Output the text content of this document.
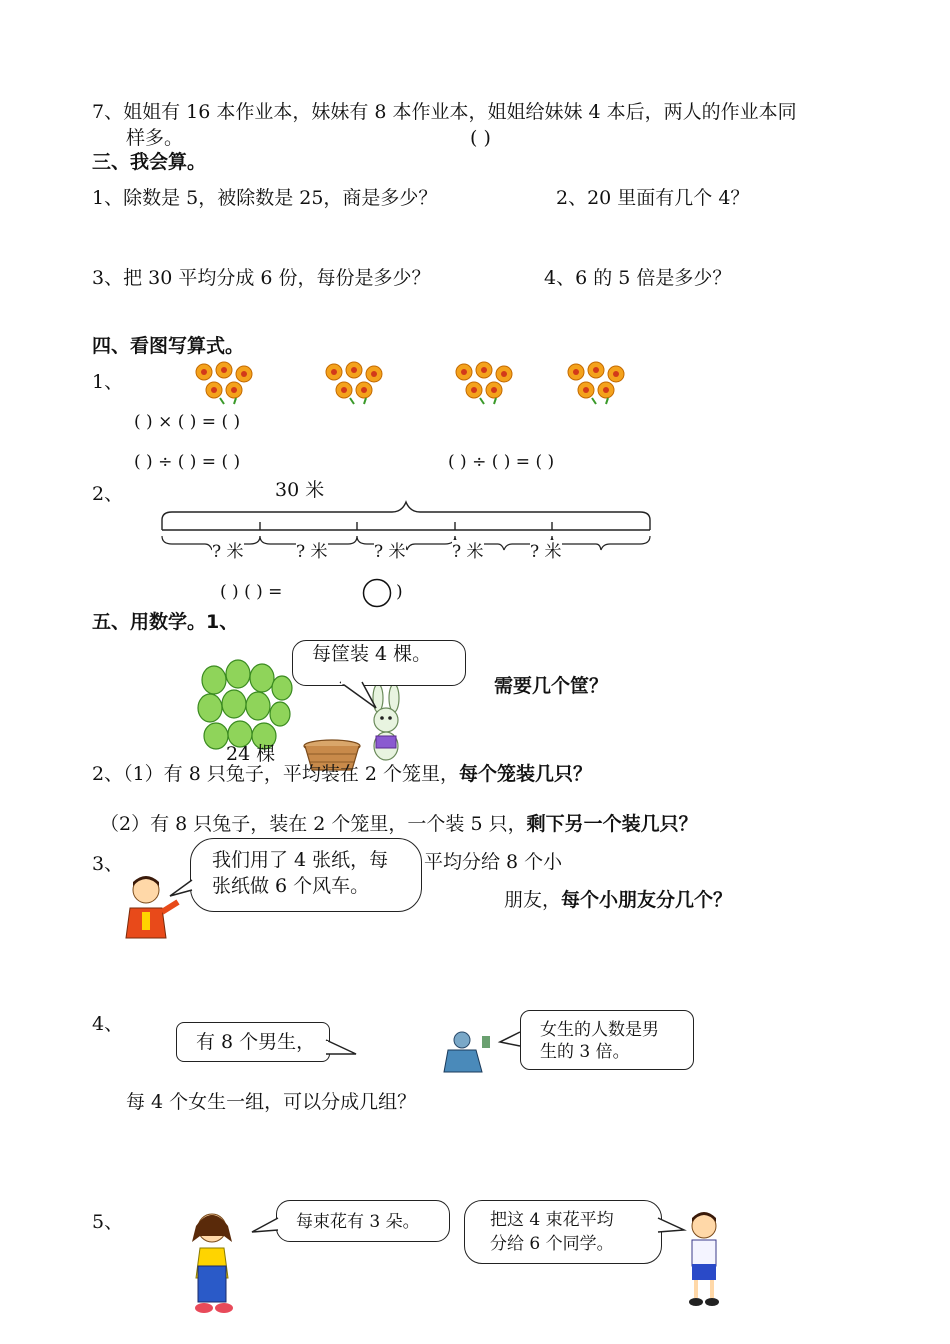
7、姐姐有 16 本作业本，妹妹有 8 本作业本，姐姐给妹妹 4 本后，两人的作业本同
样多。	( )
三、我会算。
1、除数是 5，被除数是 25，商是多少？	2、20 里面有几个 4？
3、把 30 平均分成 6 份，每份是多少？	4、6 的 5 倍是多少？
四、看图写算式。
1、
( ) × ( ) = ( )
( ) ÷ ( ) = ( )	( ) ÷ ( ) = ( )
2、	30 米
? 米	? 米	? 米	? 米	? 米
( ) ( ) =	)
五、用数学。1、
24 棵
每筐装 4 棵。
需要几个筐？
2、（1）有 8 只兔子，平均装在 2 个笼里，每个笼装几只？
（2）有 8 只兔子，装在 2 个笼里，一个装 5 只，剩下另一个装几只？
3、	我们用了 4 张纸，每
张纸做 6 个风车。
平均分给 8 个小
朋友，每个小朋友分几个？
4、
有 8 个男生，
女生的人数是男
生的 3 倍。
每 4 个女生一组，可以分成几组？
5、	每束花有 3 朵。	把这 4 束花平均
分给 6 个同学。
